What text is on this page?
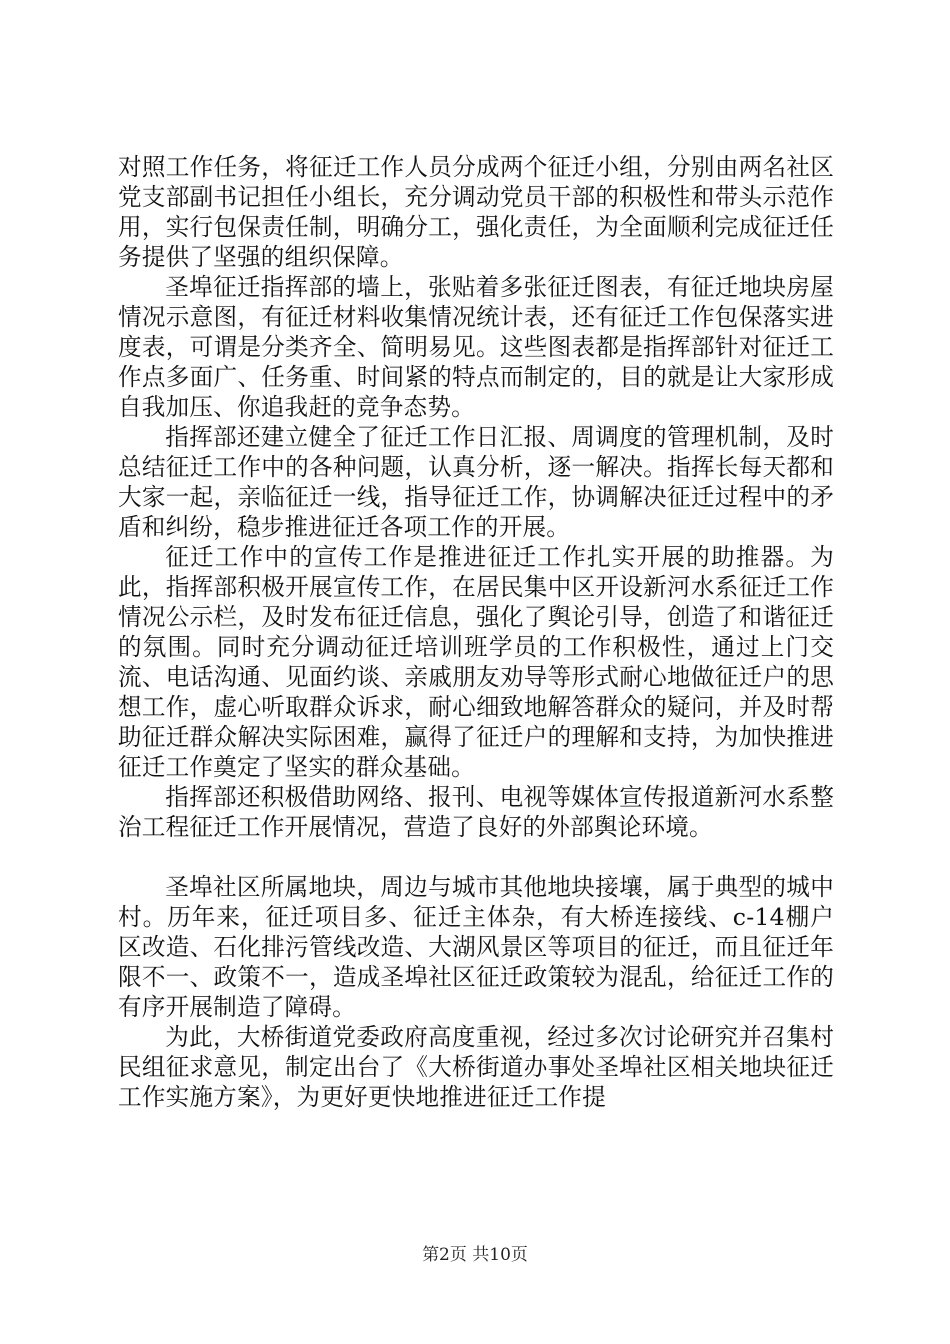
对照工作任务，将征迁工作人员分成两个征迁小组，分别由两名社区党支部副书记担任小组长，充分调动党员干部的积极性和带头示范作用，实行包保责任制，明确分工，强化责任，为全面顺利完成征迁任务提供了坚强的组织保障。

圣埠征迁指挥部的墙上，张贴着多张征迁图表，有征迁地块房屋情况示意图，有征迁材料收集情况统计表，还有征迁工作包保落实进度表，可谓是分类齐全、简明易见。这些图表都是指挥部针对征迁工作点多面广、任务重、时间紧的特点而制定的，目的就是让大家形成自我加压、你追我赶的竞争态势。

指挥部还建立健全了征迁工作日汇报、周调度的管理机制，及时总结征迁工作中的各种问题，认真分析，逐一解决。指挥长每天都和大家一起，亲临征迁一线，指导征迁工作，协调解决征迁过程中的矛盾和纠纷，稳步推进征迁各项工作的开展。

征迁工作中的宣传工作是推进征迁工作扎实开展的助推器。为此，指挥部积极开展宣传工作，在居民集中区开设新河水系征迁工作情况公示栏，及时发布征迁信息，强化了舆论引导，创造了和谐征迁的氛围。同时充分调动征迁培训班学员的工作积极性，通过上门交流、电话沟通、见面约谈、亲戚朋友劝导等形式耐心地做征迁户的思想工作，虚心听取群众诉求，耐心细致地解答群众的疑问，并及时帮助征迁群众解决实际困难，赢得了征迁户的理解和支持，为加快推进征迁工作奠定了坚实的群众基础。

指挥部还积极借助网络、报刊、电视等媒体宣传报道新河水系整治工程征迁工作开展情况，营造了良好的外部舆论环境。

圣埠社区所属地块，周边与城市其他地块接壤，属于典型的城中村。历年来，征迁项目多、征迁主体杂，有大桥连接线、c-14棚户区改造、石化排污管线改造、大湖风景区等项目的征迁，而且征迁年限不一、政策不一，造成圣埠社区征迁政策较为混乱，给征迁工作的有序开展制造了障碍。

为此，大桥街道党委政府高度重视，经过多次讨论研究并召集村民组征求意见，制定出台了《大桥街道办事处圣埠社区相关地块征迁工作实施方案》，为更好更快地推进征迁工作提

第2页 共10页
